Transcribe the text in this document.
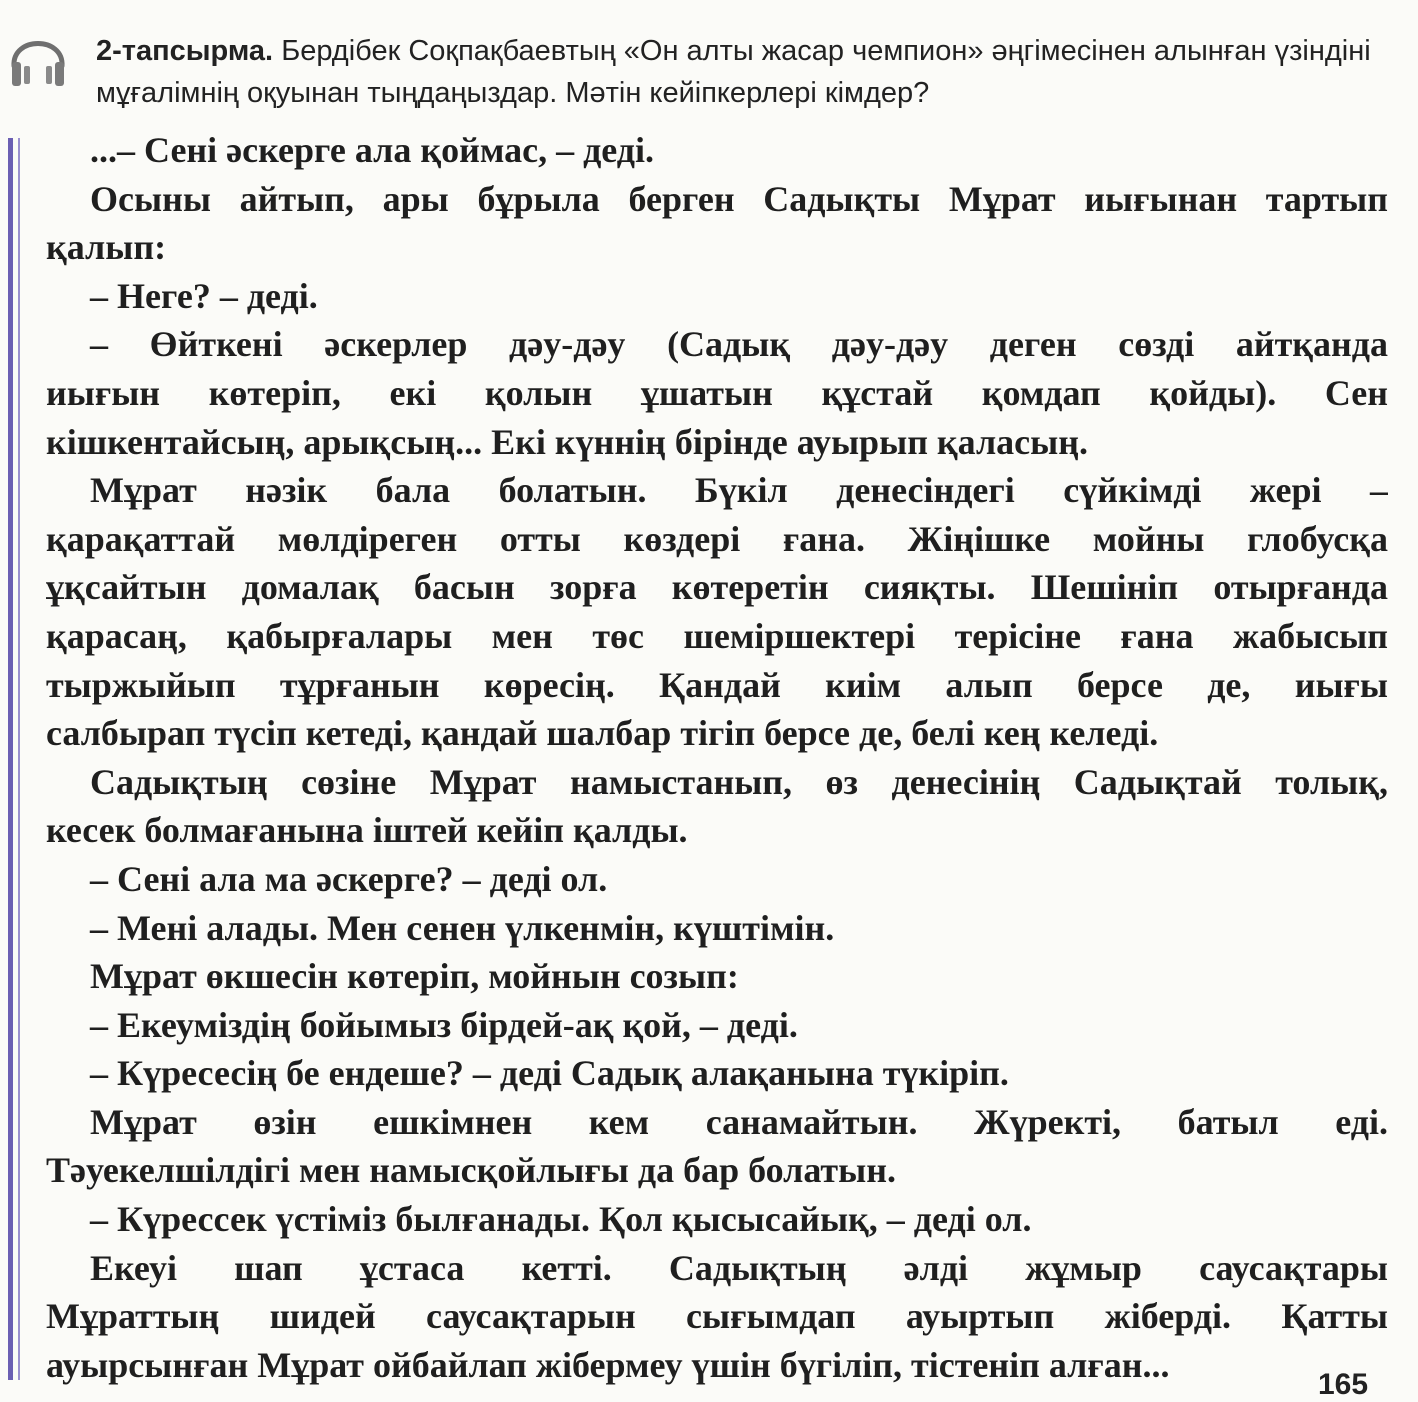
2-тапсырма. Бердібек Соқпақбаевтың «Он алты жасар чемпион» әңгімесінен алынған үзіндіні мұғалімнің оқуынан тыңдаңыздар. Мәтін кейіпкерлері кімдер?
...– Сені әскерге ала қоймас, – деді.
Осыны айтып, ары бұрыла берген Садықты Мұрат иығынан тартып
қалып:
– Неге? – деді.
– Өйткені әскерлер дәу-дәу (Садық дәу-дәу деген сөзді айтқанда
иығын көтеріп, екі қолын ұшатын құстай қомдап қойды). Сен
кішкентайсың, арықсың... Екі күннің бірінде ауырып қаласың.
Мұрат нәзік бала болатын. Бүкіл денесіндегі сүйкімді жері –
қарақаттай мөлдіреген отты көздері ғана. Жіңішке мойны глобусқа
ұқсайтын домалақ басын зорға көтеретін сияқты. Шешініп отырғанда
қарасаң, қабырғалары мен төс шеміршектері терісіне ғана жабысып
тыржыйып тұрғанын көресің. Қандай киім алып берсе де, иығы
салбырап түсіп кетеді, қандай шалбар тігіп берсе де, белі кең келеді.
Садықтың сөзіне Мұрат намыстанып, өз денесінің Садықтай толық,
кесек болмағанына іштей кейіп қалды.
– Сені ала ма әскерге? – деді ол.
– Мені алады. Мен сенен үлкенмін, күштімін.
Мұрат өкшесін көтеріп, мойнын созып:
– Екеуміздің бойымыз бірдей-ақ қой, – деді.
– Күресесің бе ендеше? – деді Садық алақанына түкіріп.
Мұрат өзін ешкімнен кем санамайтын. Жүректі, батыл еді.
Тәуекелшілдігі мен намысқойлығы да бар болатын.
– Күрессек үстіміз былғанады. Қол қысысайық, – деді ол.
Екеуі шап ұстаса кетті. Садықтың әлді жұмыр саусақтары
Мұраттың шидей саусақтарын сығымдап ауыртып жіберді. Қатты
ауырсынған Мұрат ойбайлап жібермеу үшін бүгіліп, тістеніп алған...	165
